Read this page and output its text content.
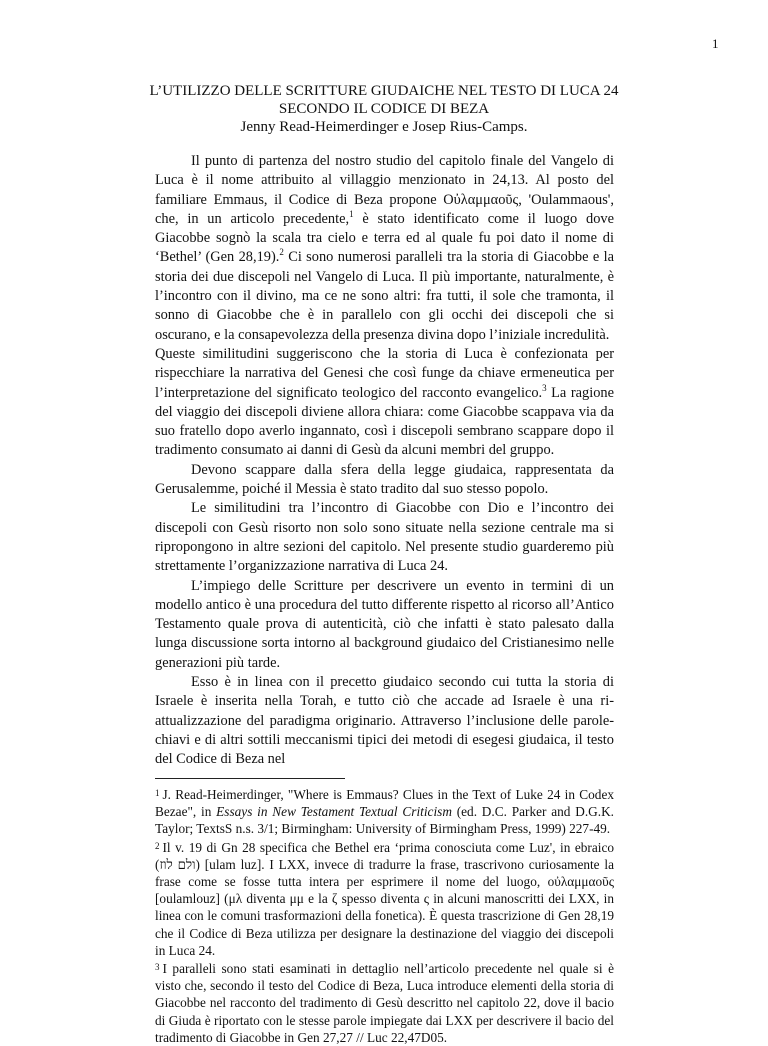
1
L’UTILIZZO DELLE SCRITTURE GIUDAICHE NEL TESTO DI LUCA 24
SECONDO IL CODICE DI BEZA
Jenny Read-Heimerdinger e Josep Rius-Camps.

Il punto di partenza del nostro studio del capitolo finale del Vangelo di Luca è il nome attribuito al villaggio menzionato in 24,13. Al posto del familiare Emmaus, il Codice di Beza propone Οὐλαμμαοῦς, 'Oulammaous', che, in un articolo precedente,$^1$ è stato identificato come il luogo dove Giacobbe sognò la scala tra cielo e terra ed al quale fu poi dato il nome di ‘Bethel’ (Gen 28,19).$^2$ Ci sono numerosi paralleli tra la storia di Giacobbe e la storia dei due discepoli nel Vangelo di Luca. Il più importante, naturalmente, è l’incontro con il divino, ma ce ne sono altri: fra tutti, il sole che tramonta, il sonno di Giacobbe che è in parallelo con gli occhi dei discepoli che si oscurano, e la consapevolezza della presenza divina dopo l’iniziale incredulità.

Queste similitudini suggeriscono che la storia di Luca è confezionata per rispecchiare la narrativa del Genesi che così funge da chiave ermeneutica per l’interpretazione del significato teologico del racconto evangelico.$^3$ La ragione del viaggio dei discepoli diviene allora chiara: come Giacobbe scappava via da suo fratello dopo averlo ingannato, così i discepoli sembrano scappare dopo il tradimento consumato ai danni di Gesù da alcuni membri del gruppo.

Devono scappare dalla sfera della legge giudaica, rappresentata da Gerusalemme, poiché il Messia è stato tradito dal suo stesso popolo.

Le similitudini tra l’incontro di Giacobbe con Dio e l’incontro dei discepoli con Gesù risorto non solo sono situate nella sezione centrale ma si ripropongono in altre sezioni del capitolo. Nel presente studio guarderemo più strettamente l’organizzazione narrativa di Luca 24.

L’impiego delle Scritture per descrivere un evento in termini di un modello antico è una procedura del tutto differente rispetto al ricorso all’Antico Testamento quale prova di autenticità, ciò che infatti è stato palesato dalla lunga discussione sorta intorno al background giudaico del Cristianesimo nelle generazioni più tarde.

Esso è in linea con il precetto giudaico secondo cui tutta la storia di Israele è inserita nella Torah, e tutto ciò che accade ad Israele è una ri-attualizzazione del paradigma originario. Attraverso l’inclusione delle parole-chiavi e di altri sottili meccanismi tipici dei metodi di esegesi giudaica, il testo del Codice di Beza nel

$^1$ J. Read-Heimerdinger, "Where is Emmaus? Clues in the Text of Luke 24 in Codex Bezae", in Essays in New Testament Textual Criticism (ed. D.C. Parker and D.G.K. Taylor; TextsS n.s. 3/1; Birmingham: University of Birmingham Press, 1999) 227-49.

$^2$ Il v. 19 di Gn 28 specifica che Bethel era ‘prima conosciuta come Luz', in ebraico (ולם לוז) [ulam luz]. I LXX, invece di tradurre la frase, trascrivono curiosamente la frase come se fosse tutta intera per esprimere il nome del luogo, οὐλαμμαοῦς [oulamlouz] (μλ diventa μμ e la ζ spesso diventa ς in alcuni manoscritti dei LXX, in linea con le comuni trasformazioni della fonetica). È questa trascrizione di Gen 28,19 che il Codice di Beza utilizza per designare la destinazione del viaggio dei discepoli in Luca 24.

$^3$ I paralleli sono stati esaminati in dettaglio nell’articolo precedente nel quale si è visto che, secondo il testo del Codice di Beza, Luca introduce elementi della storia di Giacobbe nel racconto del tradimento di Gesù descritto nel capitolo 22, dove il bacio di Giuda è riportato con le stesse parole impiegate dai LXX per descrivere il bacio del tradimento di Giacobbe in Gen 27,27 // Luc 22,47D05.
